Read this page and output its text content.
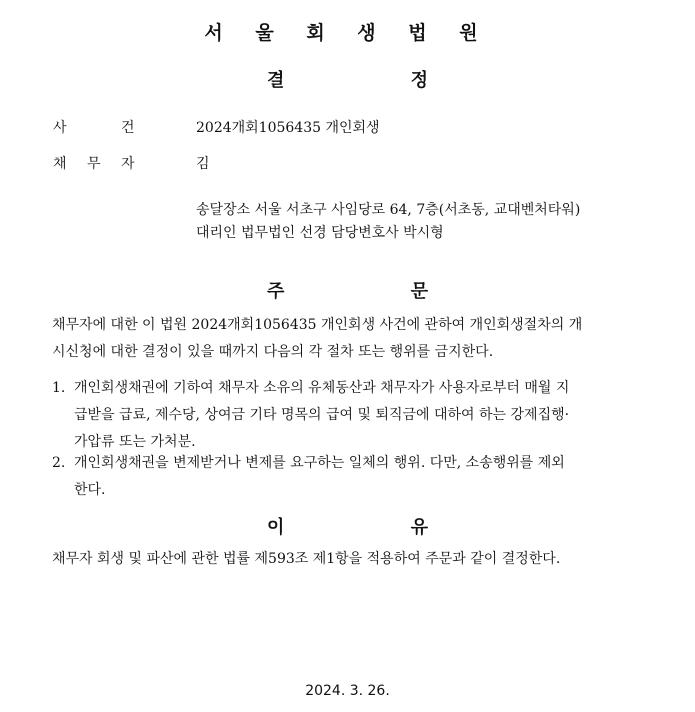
서 울 회 생 법 원
결 정
사	건	2024개회1056435 개인회생
채 무 자	김
송달장소 서울 서초구 사임당로 64, 7층(서초동, 교대벤처타워)
대리인 법무법인 선경 담당변호사 박시형
주 문
채무자에 대한 이 법원 2024개회1056435 개인회생 사건에 관하여 개인회생절차의 개
시신청에 대한 결정이 있을 때까지 다음의 각 절차 또는 행위를 금지한다.
1. 개인회생채권에 기하여 채무자 소유의 유체동산과 채무자가 사용자로부터 매월 지
급받을 급료, 제수당, 상여금 기타 명목의 급여 및 퇴직금에 대하여 하는 강제집행·
가압류 또는 가처분.
2. 개인회생채권을 변제받거나 변제를 요구하는 일체의 행위. 다만, 소송행위를 제외
한다.
이 유
채무자 회생 및 파산에 관한 법률 제593조 제1항을 적용하여 주문과 같이 결정한다.
2024. 3. 26.
